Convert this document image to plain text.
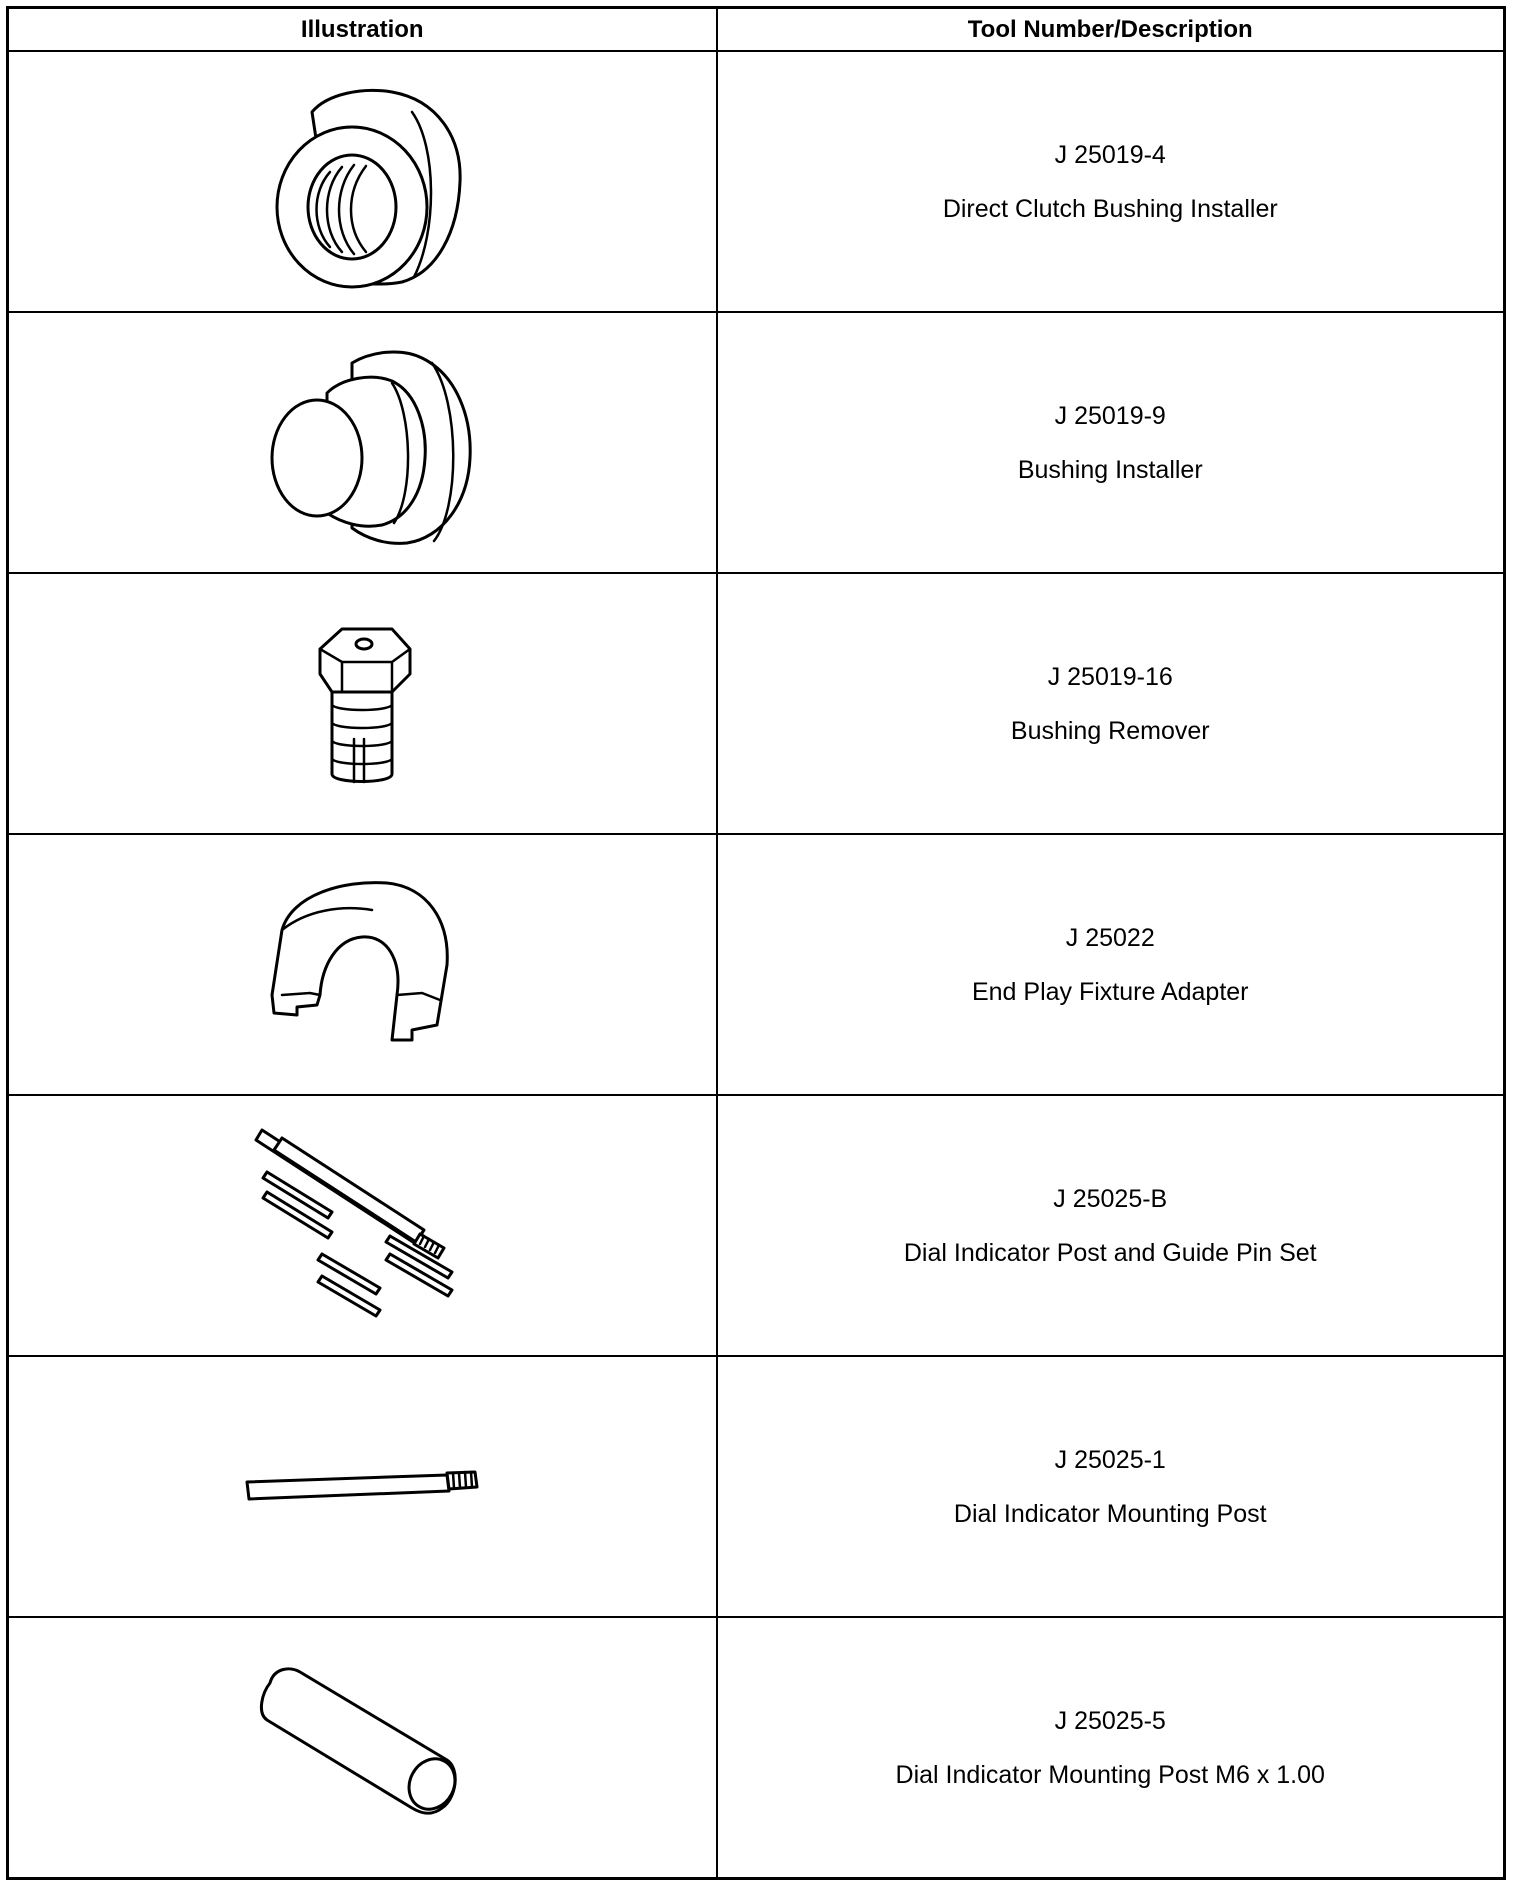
Illustration	Tool Number/Description

J 25019-4
Direct Clutch Bushing Installer

J 25019-9
Bushing Installer

J 25019-16
Bushing Remover

J 25022
End Play Fixture Adapter

J 25025-B
Dial Indicator Post and Guide Pin Set

J 25025-1
Dial Indicator Mounting Post

J 25025-5
Dial Indicator Mounting Post M6 x 1.00
